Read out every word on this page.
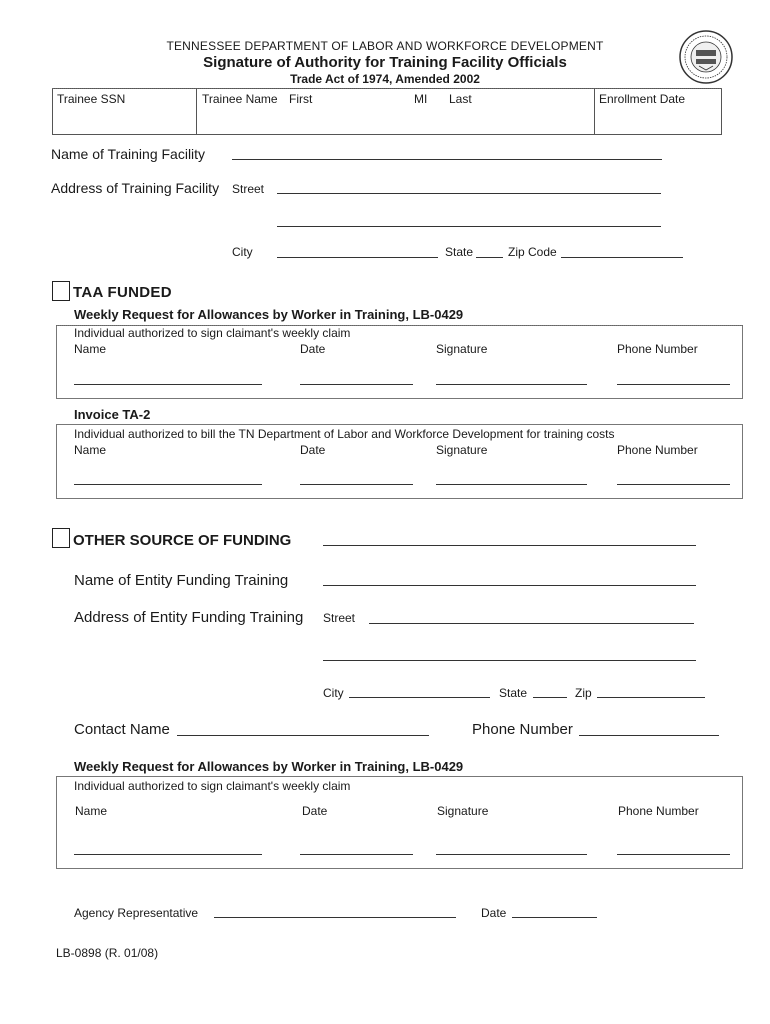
TENNESSEE DEPARTMENT OF LABOR AND WORKFORCE DEVELOPMENT
Signature of Authority for Training Facility Officials
Trade Act of 1974, Amended 2002
Trainee SSN	Trainee Name First	MI Last	Enrollment Date
Name of Training Facility
Address of Training Facility Street
City	State	Zip Code
TAA FUNDED
Weekly Request for Allowances by Worker in Training, LB-0429
Individual authorized to sign claimant's weekly claim
Name	Date	Signature	Phone Number
Invoice TA-2
Individual authorized to bill the TN Department of Labor and Workforce Development for training costs
Name	Date	Signature	Phone Number
OTHER SOURCE OF FUNDING
Name of Entity Funding Training
Address of Entity Funding Training Street
City	State	Zip
Contact Name	Phone Number
Weekly Request for Allowances by Worker in Training, LB-0429
Individual authorized to sign claimant's weekly claim
Name	Date	Signature	Phone Number
Agency Representative	Date
LB-0898 (R. 01/08)
